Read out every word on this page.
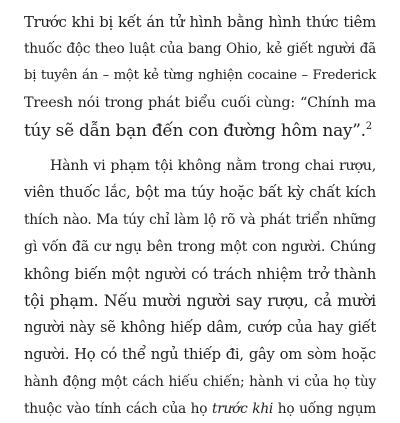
Trước khi bị kết án tử hình bằng hình thức tiêm
thuốc độc theo luật của bang Ohio, kẻ giết người đã
bị tuyên án – một kẻ từng nghiện cocaine – Frederick
Treesh nói trong phát biểu cuối cùng: “Chính ma
túy sẽ dẫn bạn đến con đường hôm nay”.$^2$
Hành vi phạm tội không nằm trong chai rượu,
viên thuốc lắc, bột ma túy hoặc bất kỳ chất kích
thích nào. Ma túy chỉ làm lộ rõ và phát triển những
gì vốn đã cư ngụ bên trong một con người. Chúng
không biến một người có trách nhiệm trở thành
tội phạm. Nếu mười người say rượu, cả mười
người này sẽ không hiếp dâm, cướp của hay giết
người. Họ có thể ngủ thiếp đi, gây om sòm hoặc
hành động một cách hiếu chiến; hành vi của họ tùy
thuộc vào tính cách của họ trước khi họ uống ngụm
